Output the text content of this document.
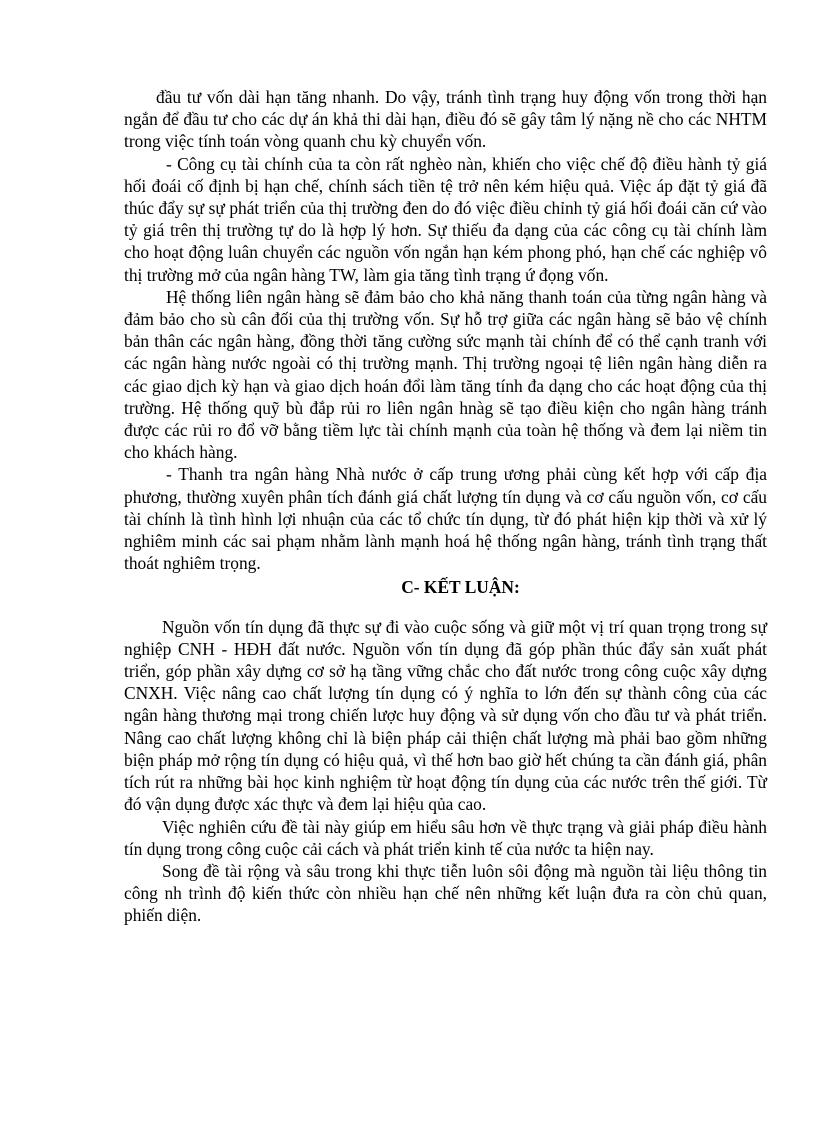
đầu tư vốn dài hạn tăng nhanh. Do vậy, tránh tình trạng huy động vốn trong thời hạn ngắn để đầu tư cho các dự án khả thi dài hạn, điều đó sẽ gây tâm lý nặng nề cho các NHTM trong việc tính toán vòng quanh chu kỳ chuyển vốn.

- Công cụ tài chính của ta còn rất nghèo nàn, khiến cho việc chế độ điều hành tỷ giá hối đoái cố định bị hạn chế, chính sách tiền tệ trở nên kém hiệu quả. Việc áp đặt tỷ giá đã thúc đẩy sự sự phát triển của thị trường đen do đó việc điều chỉnh tỷ giá hối đoái căn cứ vào tỷ giá trên thị trường tự do là hợp lý hơn. Sự thiếu đa dạng của các công cụ tài chính làm cho hoạt động luân chuyển các nguồn vốn ngắn hạn kém phong phó, hạn chế các nghiệp vô thị trường mở của ngân hàng TW, làm gia tăng tình trạng ứ đọng vốn.

Hệ thống liên ngân hàng sẽ đảm bảo cho khả năng thanh toán của từng ngân hàng và đảm bảo cho sù cân đối của thị trường vốn. Sự hỗ trợ giữa các ngân hàng sẽ bảo vệ chính bản thân các ngân hàng, đồng thời tăng cường sức mạnh tài chính để có thể cạnh tranh với các ngân hàng nước ngoài có thị trường mạnh. Thị trường ngoại tệ liên ngân hàng diễn ra các giao dịch kỳ hạn và giao dịch hoán đổi làm tăng tính đa dạng cho các hoạt động của thị trường. Hệ thống quỹ bù đắp rủi ro liên ngân hnàg sẽ tạo điều kiện cho ngân hàng tránh được các rủi ro đổ vỡ bằng tiềm lực tài chính mạnh của toàn hệ thống và đem lại niềm tin cho khách hàng.

- Thanh tra ngân hàng Nhà nước ở cấp trung ương phải cùng kết hợp với cấp địa phương, thường xuyên phân tích đánh giá chất lượng tín dụng và cơ cấu nguồn vốn, cơ cấu tài chính là tình hình lợi nhuận của các tổ chức tín dụng, từ đó phát hiện kịp thời và xử lý nghiêm minh các sai phạm nhằm lành mạnh hoá hệ thống ngân hàng, tránh tình trạng thất thoát nghiêm trọng.

C- KẾT LUẬN:

Nguồn vốn tín dụng đã thực sự đi vào cuộc sống và giữ một vị trí quan trọng trong sự nghiệp CNH - HĐH đất nước. Nguồn vốn tín dụng đã góp phần thúc đẩy sản xuất phát triển, góp phần xây dựng cơ sở hạ tầng vững chắc cho đất nước trong công cuộc xây dựng CNXH. Việc nâng cao chất lượng tín dụng có ý nghĩa to lớn đến sự thành công của các ngân hàng thương mại trong chiến lược huy động và sử dụng vốn cho đầu tư và phát triển. Nâng cao chất lượng không chỉ là biện pháp cải thiện chất lượng mà phải bao gồm những biện pháp mở rộng tín dụng có hiệu quả, vì thế hơn bao giờ hết chúng ta cần đánh giá, phân tích rút ra những bài học kinh nghiệm từ hoạt động tín dụng của các nước trên thế giới. Từ đó vận dụng được xác thực và đem lại hiệu qủa cao.

Việc nghiên cứu đề tài này giúp em hiểu sâu hơn về thực trạng và giải pháp điều hành tín dụng trong công cuộc cải cách và phát triển kinh tế của nước ta hiện nay.

Song đề tài rộng và sâu trong khi thực tiễn luôn sôi động mà nguồn tài liệu thông tin công nh trình độ kiến thức còn nhiều hạn chế nên những kết luận đưa ra còn chủ quan, phiến diện.
